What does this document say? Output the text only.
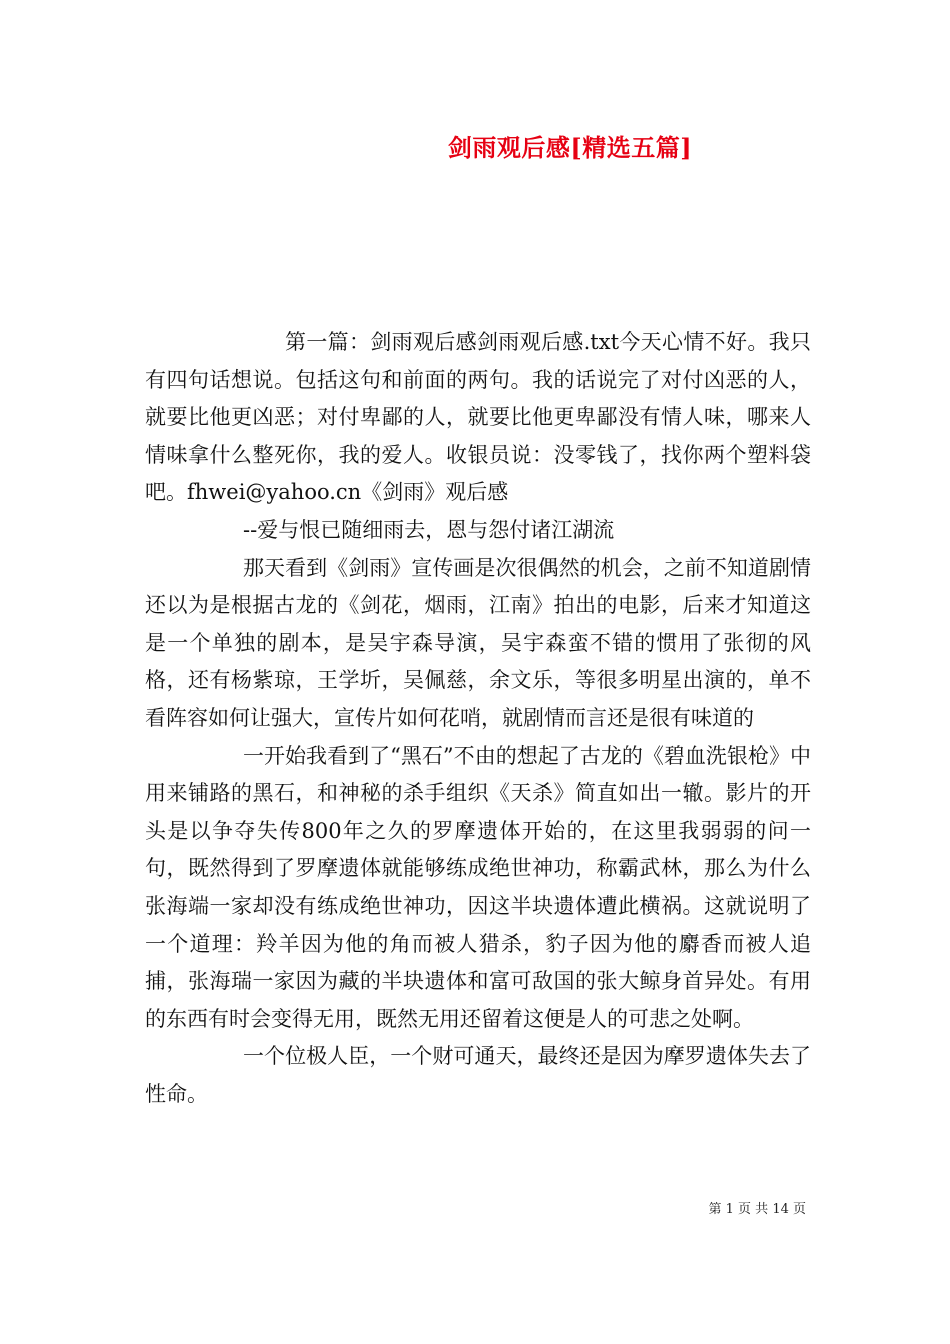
剑雨观后感[精选五篇]

第一篇：剑雨观后感剑雨观后感.txt今天心情不好。我只有四句话想说。包括这句和前面的两句。我的话说完了对付凶恶的人，就要比他更凶恶；对付卑鄙的人，就要比他更卑鄙没有情人味，哪来人情味拿什么整死你，我的爱人。收银员说：没零钱了，找你两个塑料袋吧。fhwei@yahoo.cn《剑雨》观后感

--爱与恨已随细雨去，恩与怨付诸江湖流

那天看到《剑雨》宣传画是次很偶然的机会，之前不知道剧情还以为是根据古龙的《剑花，烟雨，江南》拍出的电影，后来才知道这是一个单独的剧本，是吴宇森导演，吴宇森蛮不错的惯用了张彻的风格，还有杨紫琼，王学圻，吴佩慈，余文乐，等很多明星出演的，单不看阵容如何让强大，宣传片如何花哨，就剧情而言还是很有味道的

一开始我看到了“黑石”不由的想起了古龙的《碧血洗银枪》中用来铺路的黑石，和神秘的杀手组织《天杀》简直如出一辙。影片的开头是以争夺失传800年之久的罗摩遗体开始的，在这里我弱弱的问一句，既然得到了罗摩遗体就能够练成绝世神功，称霸武林，那么为什么张海端一家却没有练成绝世神功，因这半块遗体遭此横祸。这就说明了一个道理：羚羊因为他的角而被人猎杀，豹子因为他的麝香而被人追捕，张海瑞一家因为藏的半块遗体和富可敌国的张大鲸身首异处。有用的东西有时会变得无用，既然无用还留着这便是人的可悲之处啊。

一个位极人臣，一个财可通天，最终还是因为摩罗遗体失去了性命。

第 1 页 共 14 页
